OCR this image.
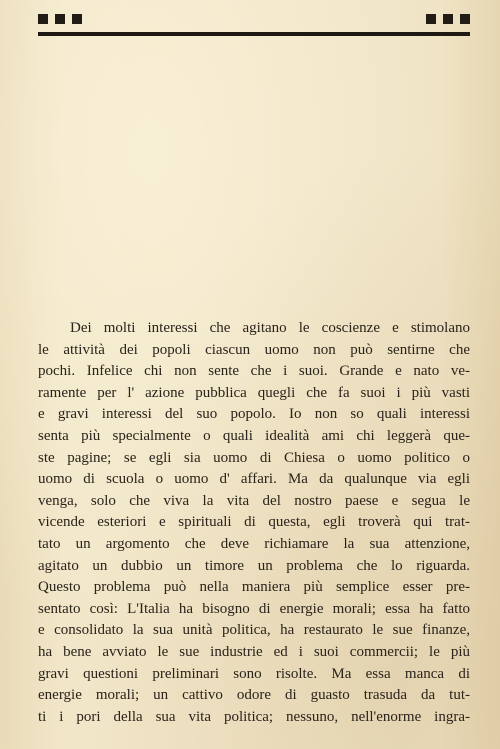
Dei molti interessi che agitano le coscienze e stimolano
le attività dei popoli ciascun uomo non può sentirne che
pochi. Infelice chi non sente che i suoi. Grande e nato ve-
ramente per l' azione pubblica quegli che fa suoi i più vasti
e gravi interessi del suo popolo. Io non so quali interessi
senta più specialmente o quali idealità ami chi leggerà que-
ste pagine; se egli sia uomo di Chiesa o uomo politico o
uomo di scuola o uomo d' affari. Ma da qualunque via egli
venga, solo che viva la vita del nostro paese e segua le
vicende esteriori e spirituali di questa, egli troverà qui trat-
tato un argomento che deve richiamare la sua attenzione,
agitato un dubbio un timore un problema che lo riguarda.
Questo problema può nella maniera più semplice esser pre-
sentato così: L'Italia ha bisogno di energie morali; essa ha fatto
e consolidato la sua unità politica, ha restaurato le sue finanze,
ha bene avviato le sue industrie ed i suoi commercii; le più
gravi questioni preliminari sono risolte. Ma essa manca di
energie morali; un cattivo odore di guasto trasuda da tut-
ti i pori della sua vita politica; nessuno, nell'enorme ingra-
